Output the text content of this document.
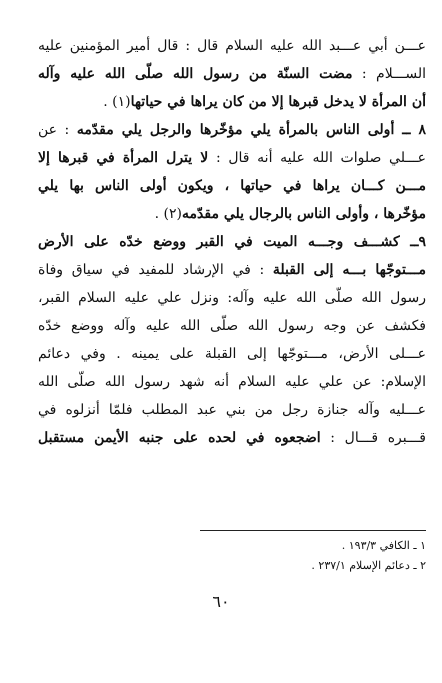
عـــن أبي عـــبد الله عليه السلام قال : قال أمير المؤمنين عليه
الســـلام : مضت السنّة من رسول الله صلّى الله عليه وآله
أن المرأة لا يدخل قبرها إلا من كان يراها في حياتها(١) .
٨ ــ أولى الناس بالمرأة يلي مؤخّرها والرجل يلي مقدّمه : عن
عـــلي صلوات الله عليه أنه قال : لا يترل المرأة في قبرها إلا
مـــن كـــان يراها في حياتها ، ويكون أولى الناس بها يلي
مؤخّرها ، وأولى الناس بالرجال يلي مقدّمه(٢) .
٩ــ كشـــف وجـــه الميت في القبر ووضع خدّه على الأرض
مـــتوجّها بـــه إلى القبلة : في الإرشاد للمفيد في سياق وفاة
رسول الله صلّى الله عليه وآله: ونزل علي عليه السلام القبر،
فكشف عن وجه رسول الله صلّى الله عليه وآله ووضع خدّه
عـــلى الأرض، مـــتوجّها إلى القبلة على يمينه . وفي دعائم
الإسلام: عن علي عليه السلام أنه شهد رسول الله صلّى الله
عـــليه وآله جنازة رجل من بني عبد المطلب فلمّا أنزلوه في
قـــبره قـــال : اضجعوه في لحده على جنبه الأيمن مستقبل
١ ـ الكافي ١٩٣/٣ .
٢ ـ دعائم الإسلام ٢٣٧/١ .
٦٠
